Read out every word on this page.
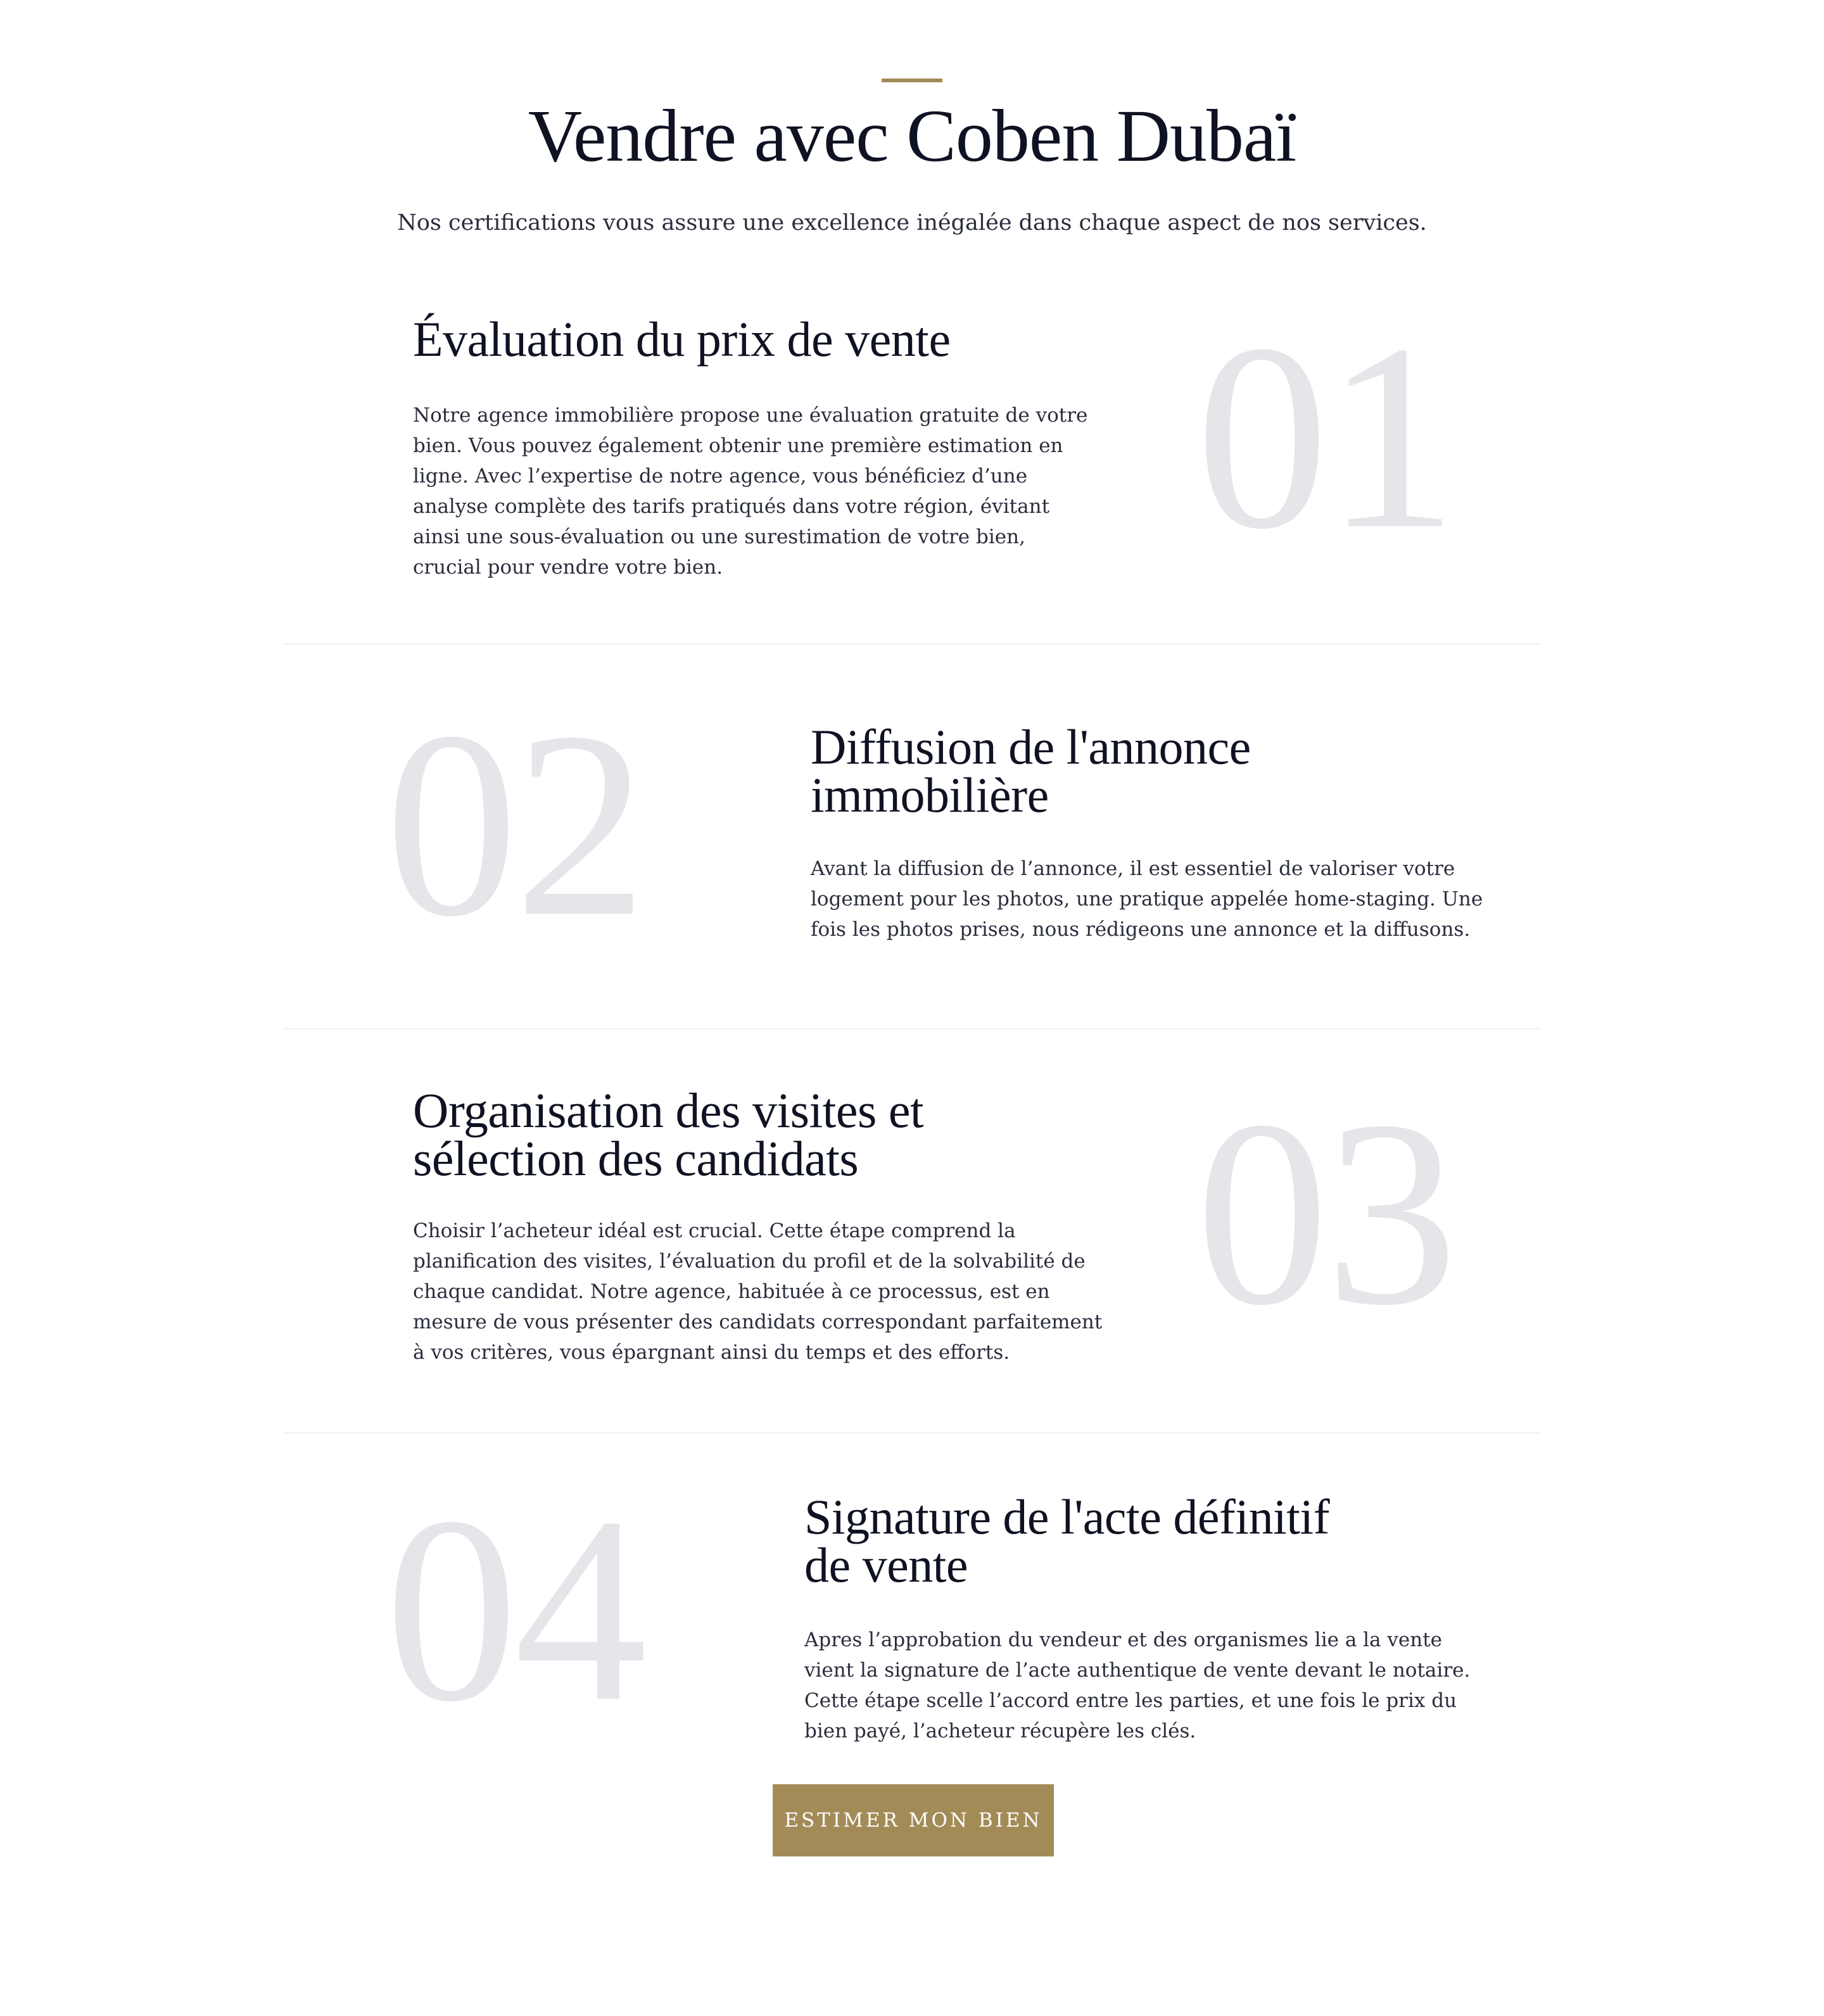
Vendre avec Coben Dubaï

Nos certifications vous assure une excellence inégalée dans chaque aspect de nos services.

Évaluation du prix de vente

Notre agence immobilière propose une évaluation gratuite de votre
bien. Vous pouvez également obtenir une première estimation en
ligne. Avec l’expertise de notre agence, vous bénéficiez d’une
analyse complète des tarifs pratiqués dans votre région, évitant
ainsi une sous-évaluation ou une surestimation de votre bien,
crucial pour vendre votre bien.	01
02	Diffusion de l'annonce
immobilière

Avant la diffusion de l’annonce, il est essentiel de valoriser votre
logement pour les photos, une pratique appelée home-staging. Une
fois les photos prises, nous rédigeons une annonce et la diffusons.

Organisation des visites et
sélection des candidats

Choisir l’acheteur idéal est crucial. Cette étape comprend la
planification des visites, l’évaluation du profil et de la solvabilité de
chaque candidat. Notre agence, habituée à ce processus, est en
mesure de vous présenter des candidats correspondant parfaitement
à vos critères, vous épargnant ainsi du temps et des efforts. 03
04	Signature de l'acte définitif
de vente

Apres l’approbation du vendeur et des organismes lie a la vente
vient la signature de l’acte authentique de vente devant le notaire.
Cette étape scelle l’accord entre les parties, et une fois le prix du
bien payé, l’acheteur récupère les clés.

ESTIMER MON BIEN
